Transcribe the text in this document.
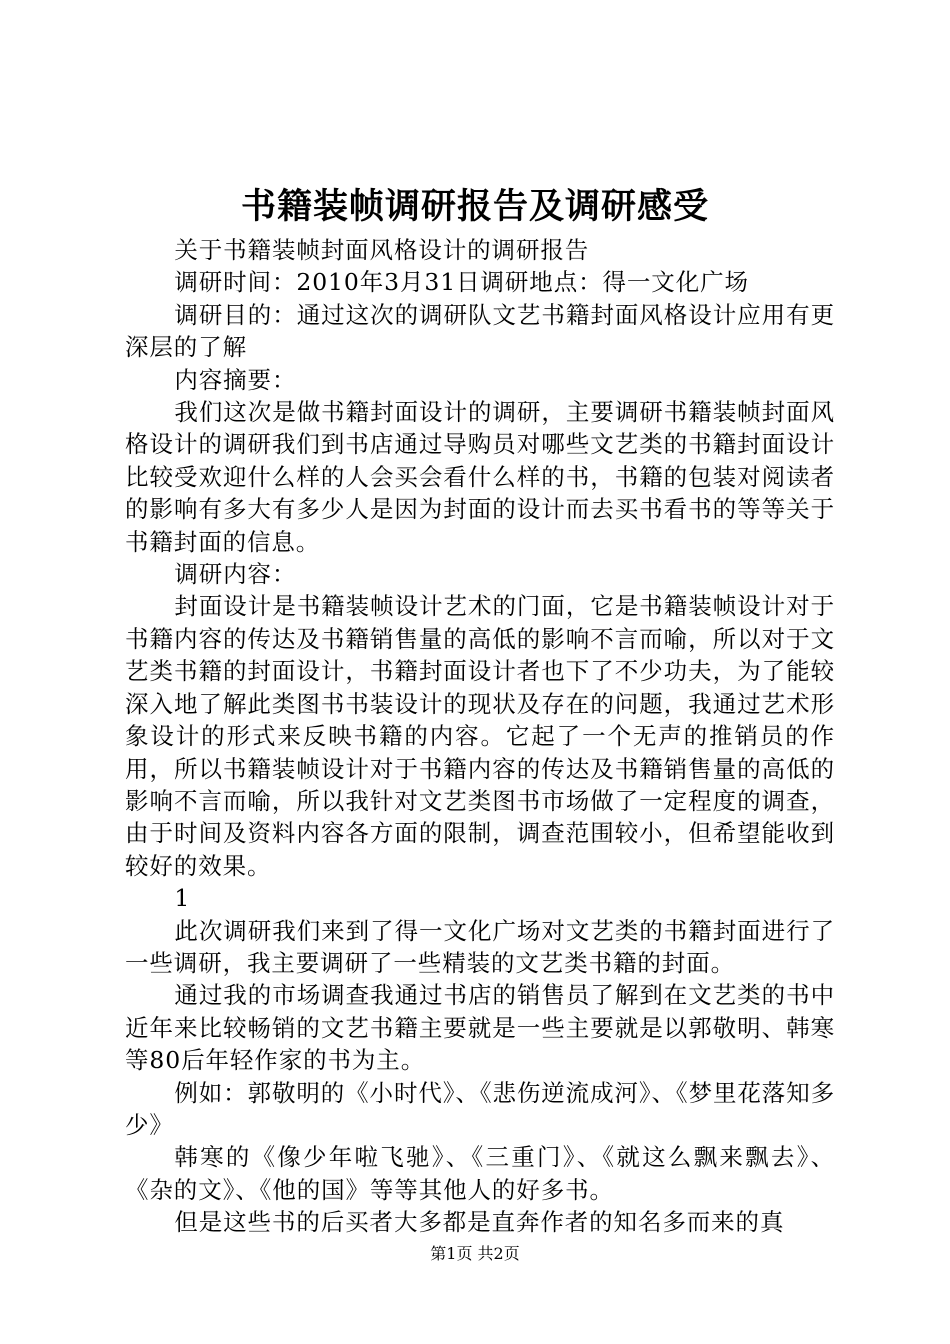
书籍装帧调研报告及调研感受

关于书籍装帧封面风格设计的调研报告

调研时间：2010年3月31日调研地点：得一文化广场

调研目的：通过这次的调研队文艺书籍封面风格设计应用有更深层的了解

内容摘要：

我们这次是做书籍封面设计的调研，主要调研书籍装帧封面风格设计的调研我们到书店通过导购员对哪些文艺类的书籍封面设计比较受欢迎什么样的人会买会看什么样的书，书籍的包装对阅读者的影响有多大有多少人是因为封面的设计而去买书看书的等等关于书籍封面的信息。

调研内容：

封面设计是书籍装帧设计艺术的门面，它是书籍装帧设计对于书籍内容的传达及书籍销售量的高低的影响不言而喻，所以对于文艺类书籍的封面设计，书籍封面设计者也下了不少功夫，为了能较深入地了解此类图书书装设计的现状及存在的问题，我通过艺术形象设计的形式来反映书籍的内容。它起了一个无声的推销员的作用，所以书籍装帧设计对于书籍内容的传达及书籍销售量的高低的影响不言而喻，所以我针对文艺类图书市场做了一定程度的调查，由于时间及资料内容各方面的限制，调查范围较小，但希望能收到较好的效果。

1

此次调研我们来到了得一文化广场对文艺类的书籍封面进行了一些调研，我主要调研了一些精装的文艺类书籍的封面。

通过我的市场调查我通过书店的销售员了解到在文艺类的书中近年来比较畅销的文艺书籍主要就是一些主要就是以郭敬明、韩寒等80后年轻作家的书为主。

例如：郭敬明的《小时代》、《悲伤逆流成河》、《梦里花落知多少》

韩寒的《像少年啦飞驰》、《三重门》、《就这么飘来飘去》、《杂的文》、《他的国》等等其他人的好多书。

但是这些书的后买者大多都是直奔作者的知名多而来的真

第1页 共2页
